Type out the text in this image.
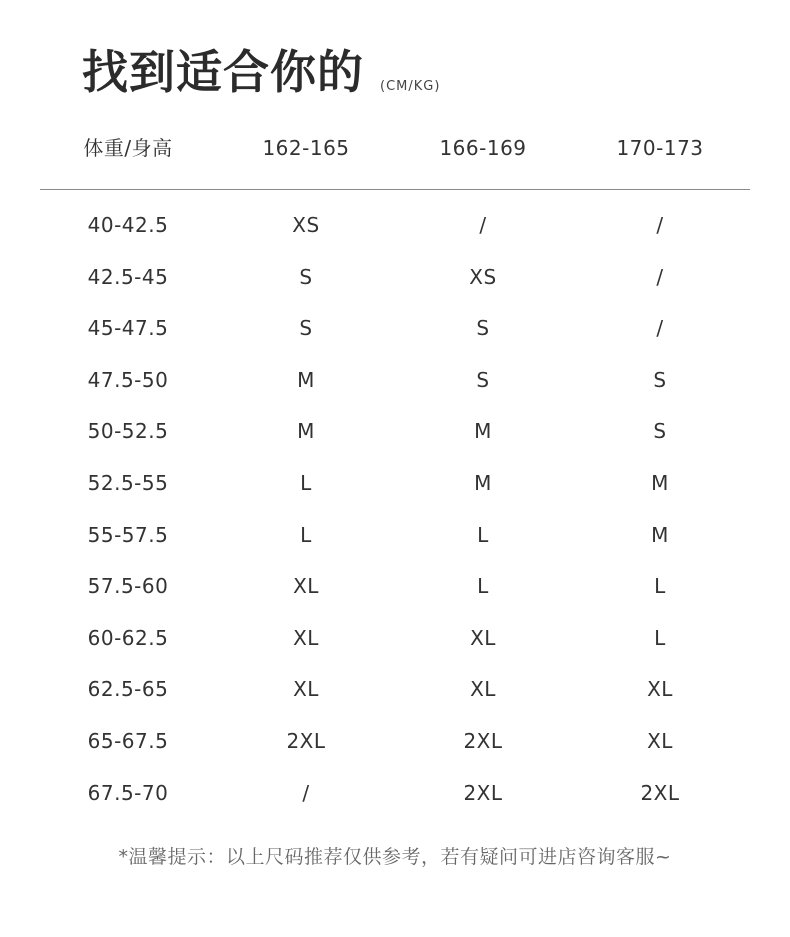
找到适合你的 (CM/KG)
体重/身高	162-165	166-169	170-173
40-42.5	XS	/	/
42.5-45	S	XS	/
45-47.5	S	S	/
47.5-50	M	S	S
50-52.5	M	M	S
52.5-55	L	M	M
55-57.5	L	L	M
57.5-60	XL	L	L
60-62.5	XL	XL	L
62.5-65	XL	XL	XL
65-67.5	2XL	2XL	XL
67.5-70	/	2XL	2XL
*温馨提示：以上尺码推荐仅供参考，若有疑问可进店咨询客服~
